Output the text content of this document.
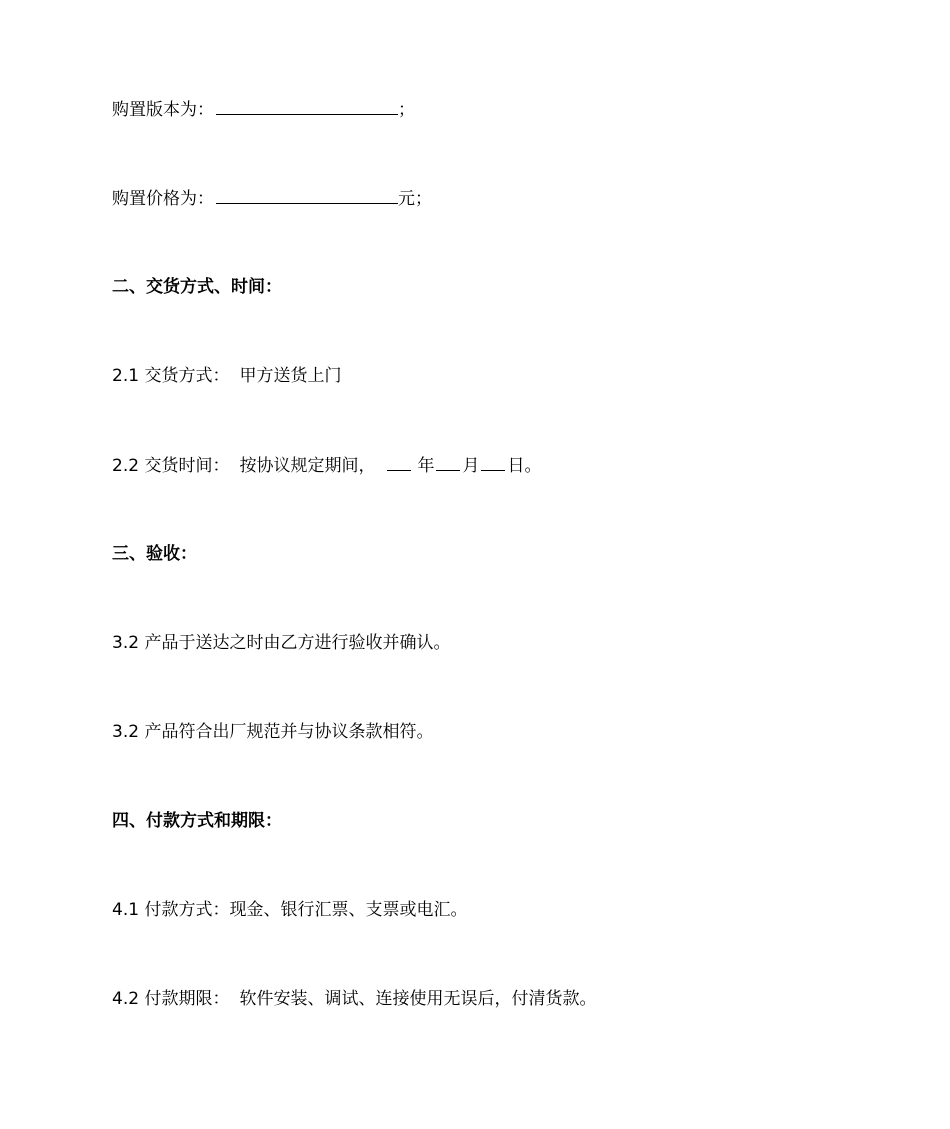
购置版本为：	；
购置价格为：	元；
二、交货方式、时间：
2.1 交货方式： 甲方送货上门
2.2 交货时间： 按协议规定期间， 年 月 日。
三、验收：
3.2 产品于送达之时由乙方进行验收并确认。
3.2 产品符合出厂规范并与协议条款相符。
四、付款方式和期限：
4.1 付款方式：现金、银行汇票、支票或电汇。
4.2 付款期限： 软件安装、调试、连接使用无误后，付清货款。
